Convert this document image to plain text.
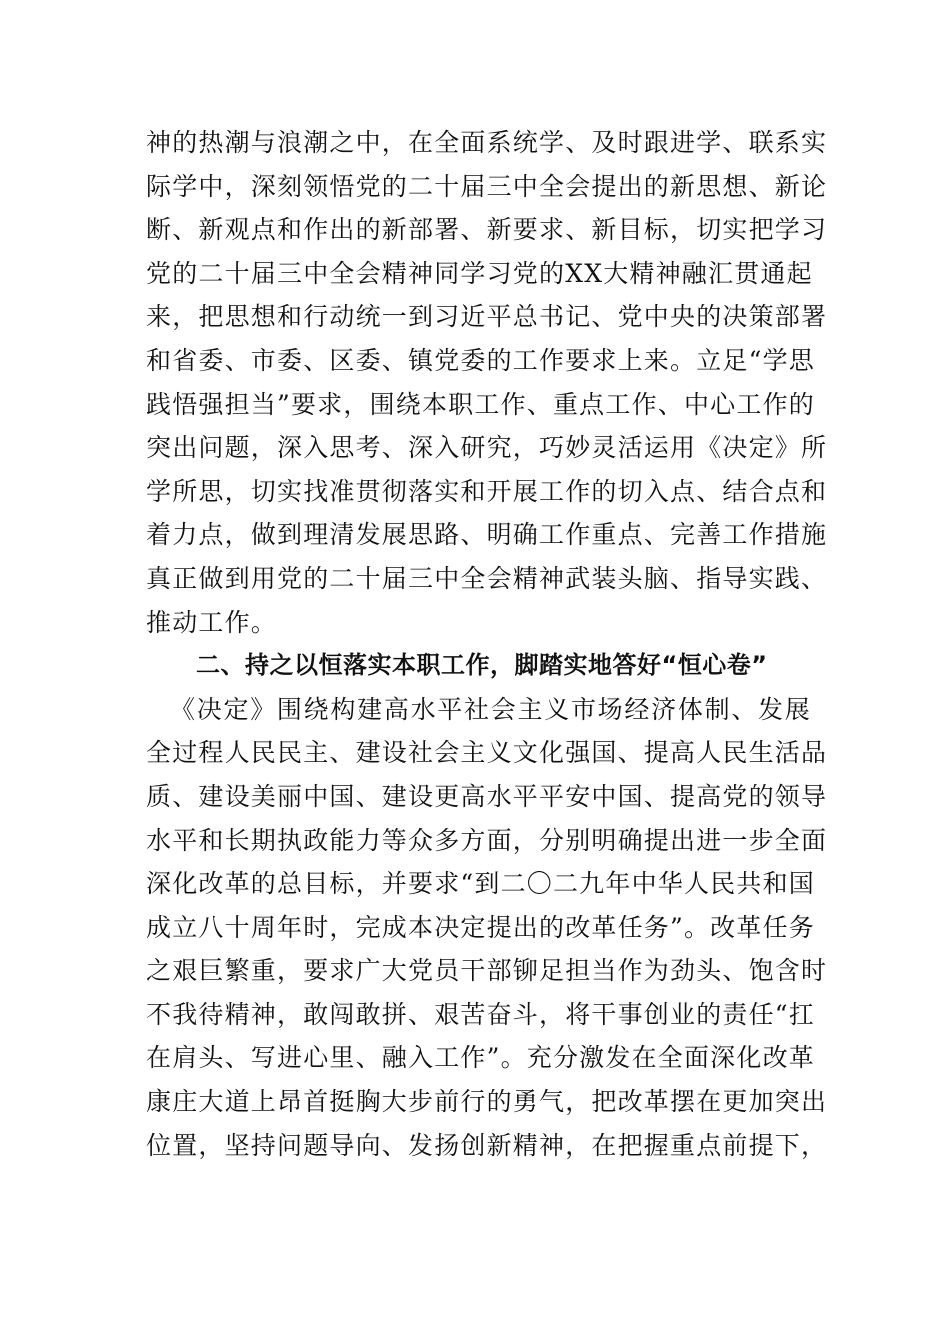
神的热潮与浪潮之中，在全面系统学、及时跟进学、联系实
际学中，深刻领悟党的二十届三中全会提出的新思想、新论
断、新观点和作出的新部署、新要求、新目标，切实把学习
党的二十届三中全会精神同学习党的XX大精神融汇贯通起
来，把思想和行动统一到习近平总书记、党中央的决策部署
和省委、市委、区委、镇党委的工作要求上来。立足“学思
践悟强担当”要求，围绕本职工作、重点工作、中心工作的
突出问题，深入思考、深入研究，巧妙灵活运用《决定》所
学所思，切实找准贯彻落实和开展工作的切入点、结合点和
着力点，做到理清发展思路、明确工作重点、完善工作措施
真正做到用党的二十届三中全会精神武装头脑、指导实践、
推动工作。
二、持之以恒落实本职工作，脚踏实地答好“恒心卷”
《决定》围绕构建高水平社会主义市场经济体制、发展
全过程人民民主、建设社会主义文化强国、提高人民生活品
质、建设美丽中国、建设更高水平平安中国、提高党的领导
水平和长期执政能力等众多方面，分别明确提出进一步全面
深化改革的总目标，并要求“到二〇二九年中华人民共和国
成立八十周年时，完成本决定提出的改革任务”。改革任务
之艰巨繁重，要求广大党员干部铆足担当作为劲头、饱含时
不我待精神，敢闯敢拼、艰苦奋斗，将干事创业的责任“扛
在肩头、写进心里、融入工作”。充分激发在全面深化改革
康庄大道上昂首挺胸大步前行的勇气，把改革摆在更加突出
位置，坚持问题导向、发扬创新精神，在把握重点前提下，
